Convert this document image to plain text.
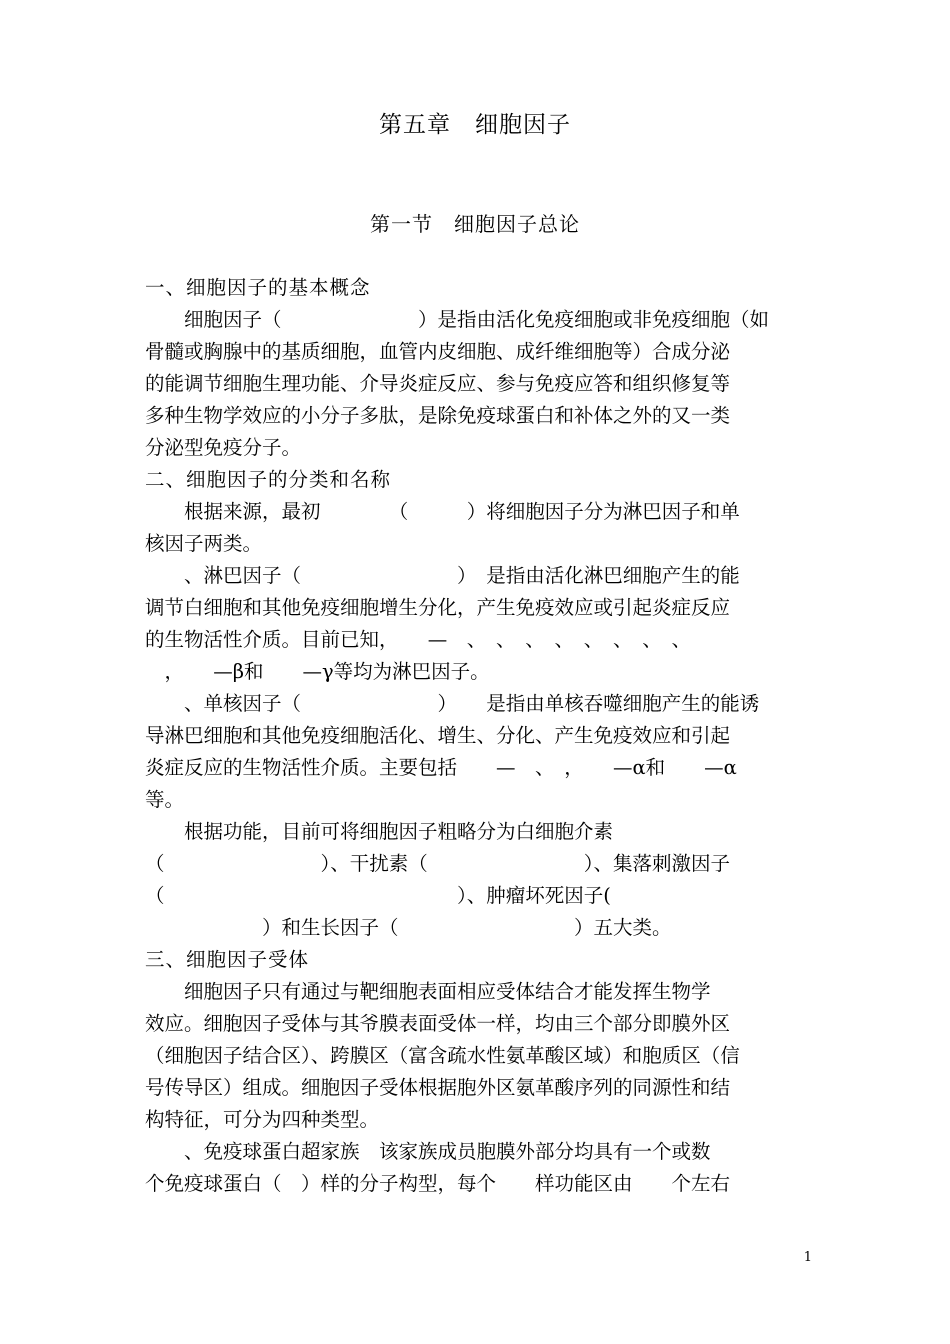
第五章　细胞因子
第一节　细胞因子总论
一、细胞因子的基本概念
　　细胞因子（　　　　　　　）是指由活化免疫细胞或非免疫细胞（如
骨髓或胸腺中的基质细胞，血管内皮细胞、成纤维细胞等）合成分泌
的能调节细胞生理功能、介导炎症反应、参与免疫应答和组织修复等
多种生物学效应的小分子多肽，是除免疫球蛋白和补体之外的又一类
分泌型免疫分子。
二、细胞因子的分类和名称
　　根据来源，最初　　　　（　　　）将细胞因子分为淋巴因子和单
核因子两类。
　　、淋巴因子（　　　　　　　　）　是指由活化淋巴细胞产生的能
调节白细胞和其他免疫细胞增生分化，产生免疫效应或引起炎症反应
的生物活性介质。目前已知，　　—　、　、　、　、　、　、　、　、
　，　　—β和　　—γ等均为淋巴因子。
　　、单核因子（　　　　　　　）　　是指由单核吞噬细胞产生的能诱
导淋巴细胞和其他免疫细胞活化、增生、分化、产生免疫效应和引起
炎症反应的生物活性介质。主要包括　　—　、　，　　—α和　　—α
等。
　　根据功能，目前可将细胞因子粗略分为白细胞介素
（　　　　　　　　）、干扰素（　　　　　　　　）、集落刺激因子
（　　　　　　　　　　　　　　　）、肿瘤坏死因子(
　　　　　　）和生长因子（　　　　　　　　　）五大类。
三、细胞因子受体
　　细胞因子只有通过与靶细胞表面相应受体结合才能发挥生物学
效应。细胞因子受体与其爷膜表面受体一样，均由三个部分即膜外区
（细胞因子结合区）、跨膜区（富含疏水性氨革酸区域）和胞质区（信
号传导区）组成。细胞因子受体根据胞外区氨革酸序列的同源性和结
构特征，可分为四种类型。
　　、免疫球蛋白超家族　该家族成员胞膜外部分均具有一个或数
个免疫球蛋白（　）样的分子构型，每个　　样功能区由　　个左右
1
